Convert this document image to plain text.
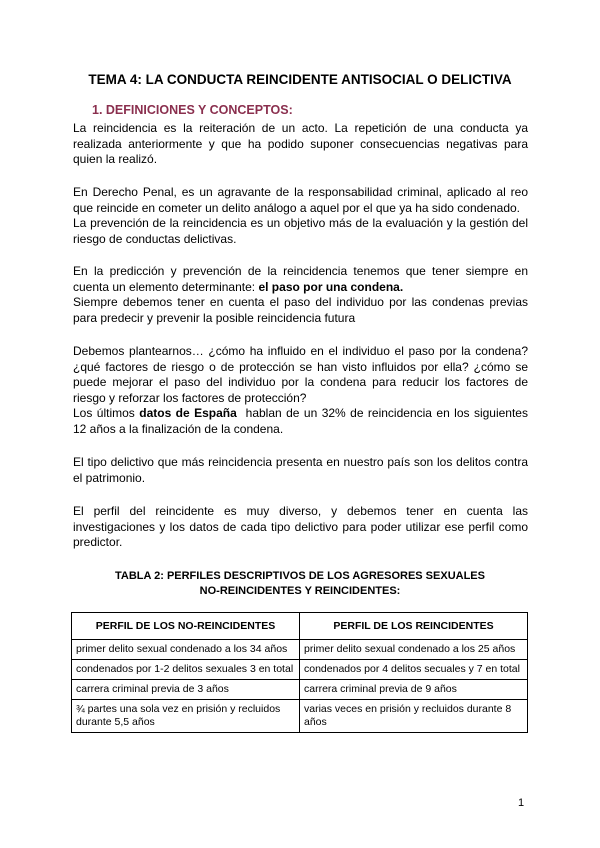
TEMA 4: LA CONDUCTA REINCIDENTE ANTISOCIAL O DELICTIVA
1. DEFINICIONES Y CONCEPTOS:
La reincidencia es la reiteración de un acto. La repetición de una conducta ya realizada anteriormente y que ha podido suponer consecuencias negativas para quien la realizó.
En Derecho Penal, es un agravante de la responsabilidad criminal, aplicado al reo que reincide en cometer un delito análogo a aquel por el que ya ha sido condenado.
La prevención de la reincidencia es un objetivo más de la evaluación y la gestión del riesgo de conductas delictivas.
En la predicción y prevención de la reincidencia tenemos que tener siempre en cuenta un elemento determinante: el paso por una condena.
Siempre debemos tener en cuenta el paso del individuo por las condenas previas para predecir y prevenir la posible reincidencia futura
Debemos plantearnos… ¿cómo ha influido en el individuo el paso por la condena? ¿qué factores de riesgo o de protección se han visto influidos por ella? ¿cómo se puede mejorar el paso del individuo por la condena para reducir los factores de riesgo y reforzar los factores de protección?
Los últimos datos de España  hablan de un 32% de reincidencia en los siguientes 12 años a la finalización de la condena.
El tipo delictivo que más reincidencia presenta en nuestro país son los delitos contra el patrimonio.
El perfil del reincidente es muy diverso, y debemos tener en cuenta las investigaciones y los datos de cada tipo delictivo para poder utilizar ese perfil como predictor.
TABLA 2: PERFILES DESCRIPTIVOS DE LOS AGRESORES SEXUALES
NO-REINCIDENTES Y REINCIDENTES:
PERFIL DE LOS NO-REINCIDENTES	PERFIL DE LOS REINCIDENTES
primer delito sexual condenado a los 34 años	primer delito sexual condenado a los 25 años
condenados por 1-2 delitos sexuales 3 en total	condenados por 4 delitos secuales y 7 en total
carrera criminal previa de 3 años	carrera criminal previa de 9 años
¾ partes una sola vez en prisión y recluidos durante 5,5 años	varias veces en prisión y recluidos durante 8 años
1
